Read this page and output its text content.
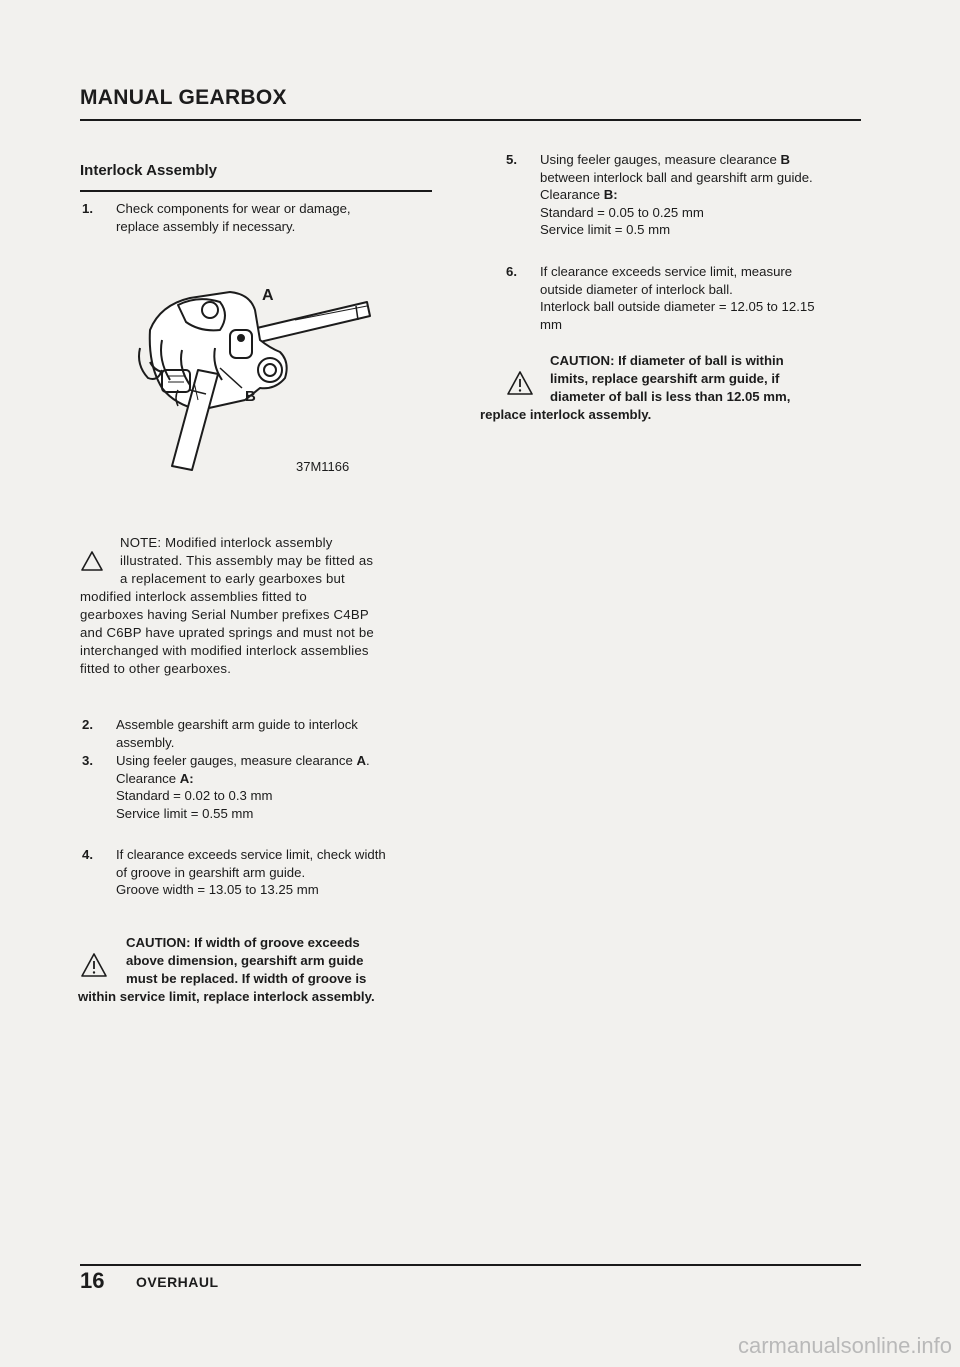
MANUAL GEARBOX
Interlock Assembly
1. Check components for wear or damage,
replace assembly if necessary.
A
B
37M1166
NOTE: Modified interlock assembly
illustrated. This assembly may be fitted as
a replacement to early gearboxes but
modified interlock assemblies fitted to
gearboxes having Serial Number prefixes C4BP
and C6BP have uprated springs and must not be
interchanged with modified interlock assemblies
fitted to other gearboxes.
2. Assemble gearshift arm guide to interlock
assembly.
3. Using feeler gauges, measure clearance A.
Clearance A:
Standard = 0.02 to 0.3 mm
Service limit = 0.55 mm
4. If clearance exceeds service limit, check width
of groove in gearshift arm guide.
Groove width = 13.05 to 13.25 mm
CAUTION: If width of groove exceeds
above dimension, gearshift arm guide
must be replaced. If width of groove is
within service limit, replace interlock assembly.
5. Using feeler gauges, measure clearance B
between interlock ball and gearshift arm guide.
Clearance B:
Standard = 0.05 to 0.25 mm
Service limit = 0.5 mm
6. If clearance exceeds service limit, measure
outside diameter of interlock ball.
Interlock ball outside diameter = 12.05 to 12.15
mm
CAUTION: If diameter of ball is within
limits, replace gearshift arm guide, if
diameter of ball is less than 12.05 mm,
replace interlock assembly.
16 OVERHAUL
carmanualsonline.info
